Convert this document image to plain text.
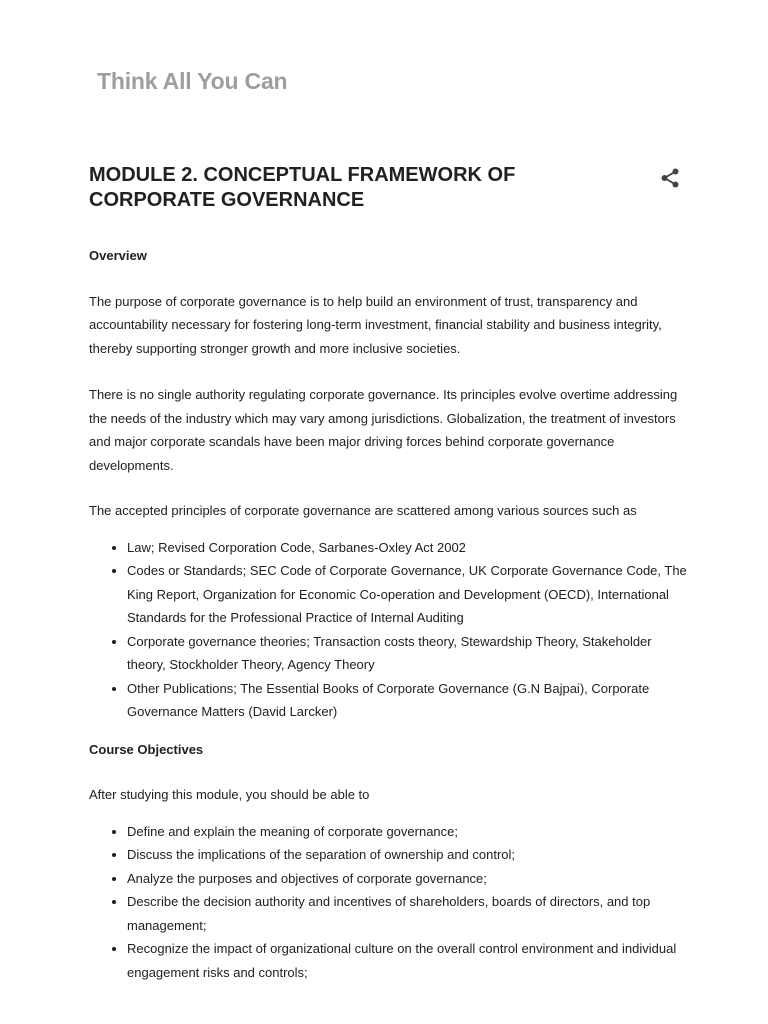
Think All You Can
MODULE 2. CONCEPTUAL FRAMEWORK OF CORPORATE GOVERNANCE
Overview

The purpose of corporate governance is to help build an environment of trust, transparency and accountability necessary for fostering long-term investment, financial stability and business integrity, thereby supporting stronger growth and more inclusive societies.

There is no single authority regulating corporate governance. Its principles evolve overtime addressing the needs of the industry which may vary among jurisdictions. Globalization, the treatment of investors and major corporate scandals have been major driving forces behind corporate governance developments.

The accepted principles of corporate governance are scattered among various sources such as

• Law; Revised Corporation Code, Sarbanes-Oxley Act 2002
• Codes or Standards; SEC Code of Corporate Governance, UK Corporate Governance Code, The King Report, Organization for Economic Co-operation and Development (OECD), International Standards for the Professional Practice of Internal Auditing
• Corporate governance theories; Transaction costs theory, Stewardship Theory, Stakeholder theory, Stockholder Theory, Agency Theory
• Other Publications; The Essential Books of Corporate Governance (G.N Bajpai), Corporate Governance Matters (David Larcker)
Course Objectives

After studying this module, you should be able to

• Define and explain the meaning of corporate governance;
• Discuss the implications of the separation of ownership and control;
• Analyze the purposes and objectives of corporate governance;
• Describe the decision authority and incentives of shareholders, boards of directors, and top management;
• Recognize the impact of organizational culture on the overall control environment and individual engagement risks and controls;
